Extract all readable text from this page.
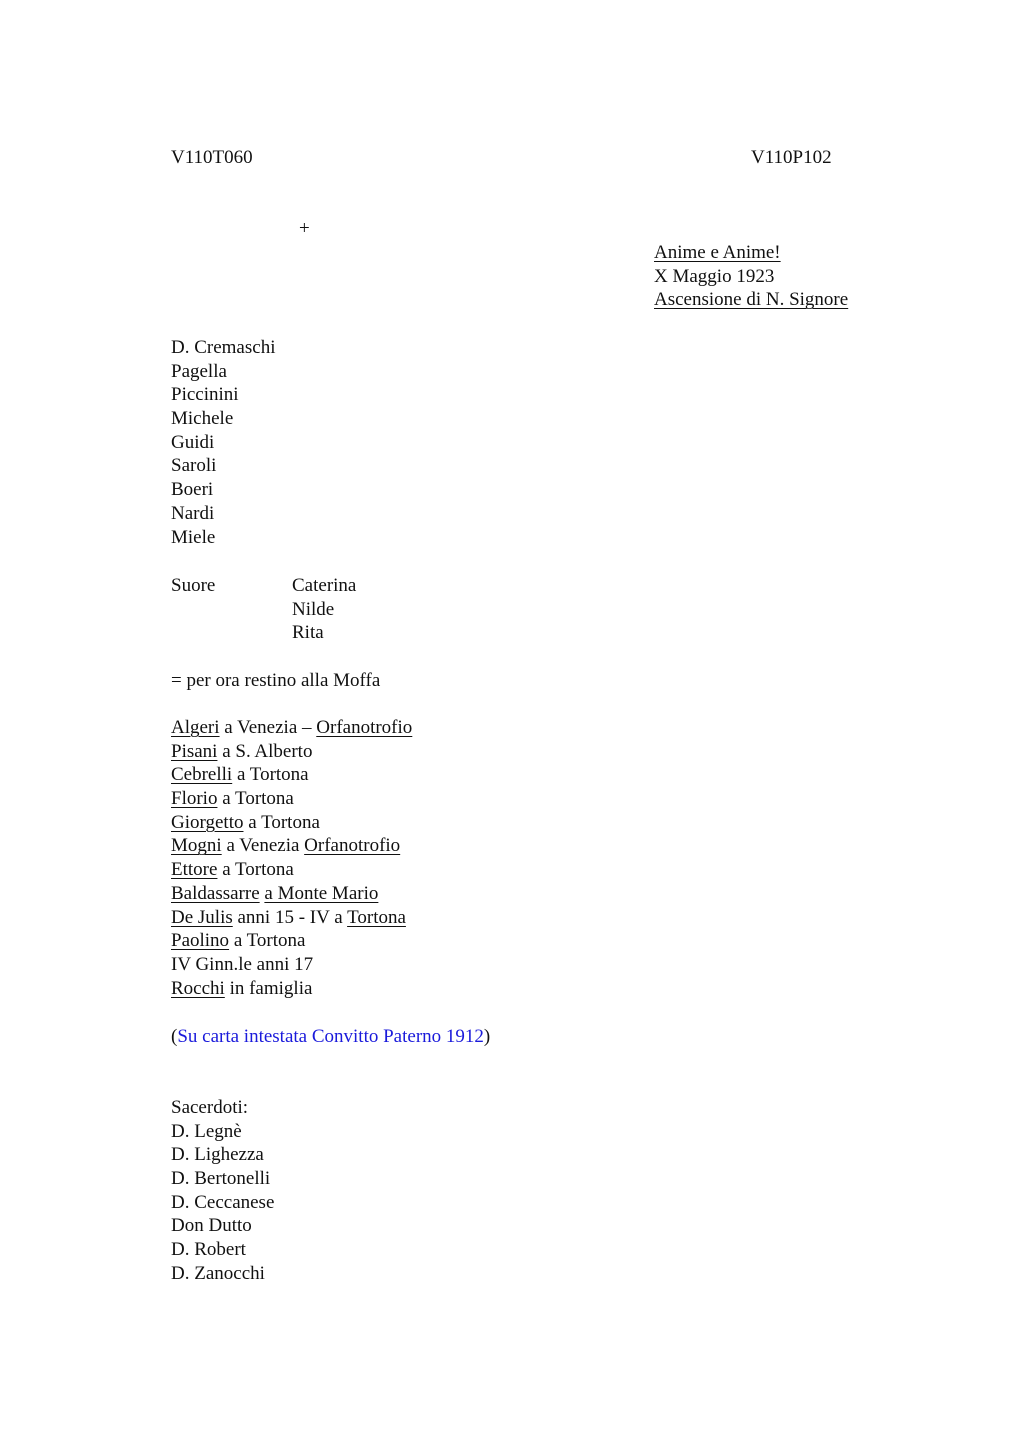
V110T060	V110P102
+
Anime e Anime!
X Maggio 1923
Ascensione di N. Signore
D. Cremaschi
Pagella
Piccinini
Michele
Guidi
Saroli
Boeri
Nardi
Miele
Suore	Caterina
Nilde
Rita
= per ora restino alla Moffa
Algeri a Venezia – Orfanotrofio
Pisani a S. Alberto
Cebrelli a Tortona
Florio a Tortona
Giorgetto a Tortona
Mogni a Venezia Orfanotrofio
Ettore a Tortona
Baldassarre a Monte Mario
De Julis anni 15 - IV a Tortona
Paolino a Tortona
IV Ginn.le anni 17
Rocchi in famiglia
(Su carta intestata Convitto Paterno 1912)
Sacerdoti:
D. Legnè
D. Lighezza
D. Bertonelli
D. Ceccanese
Don Dutto
D. Robert
D. Zanocchi
